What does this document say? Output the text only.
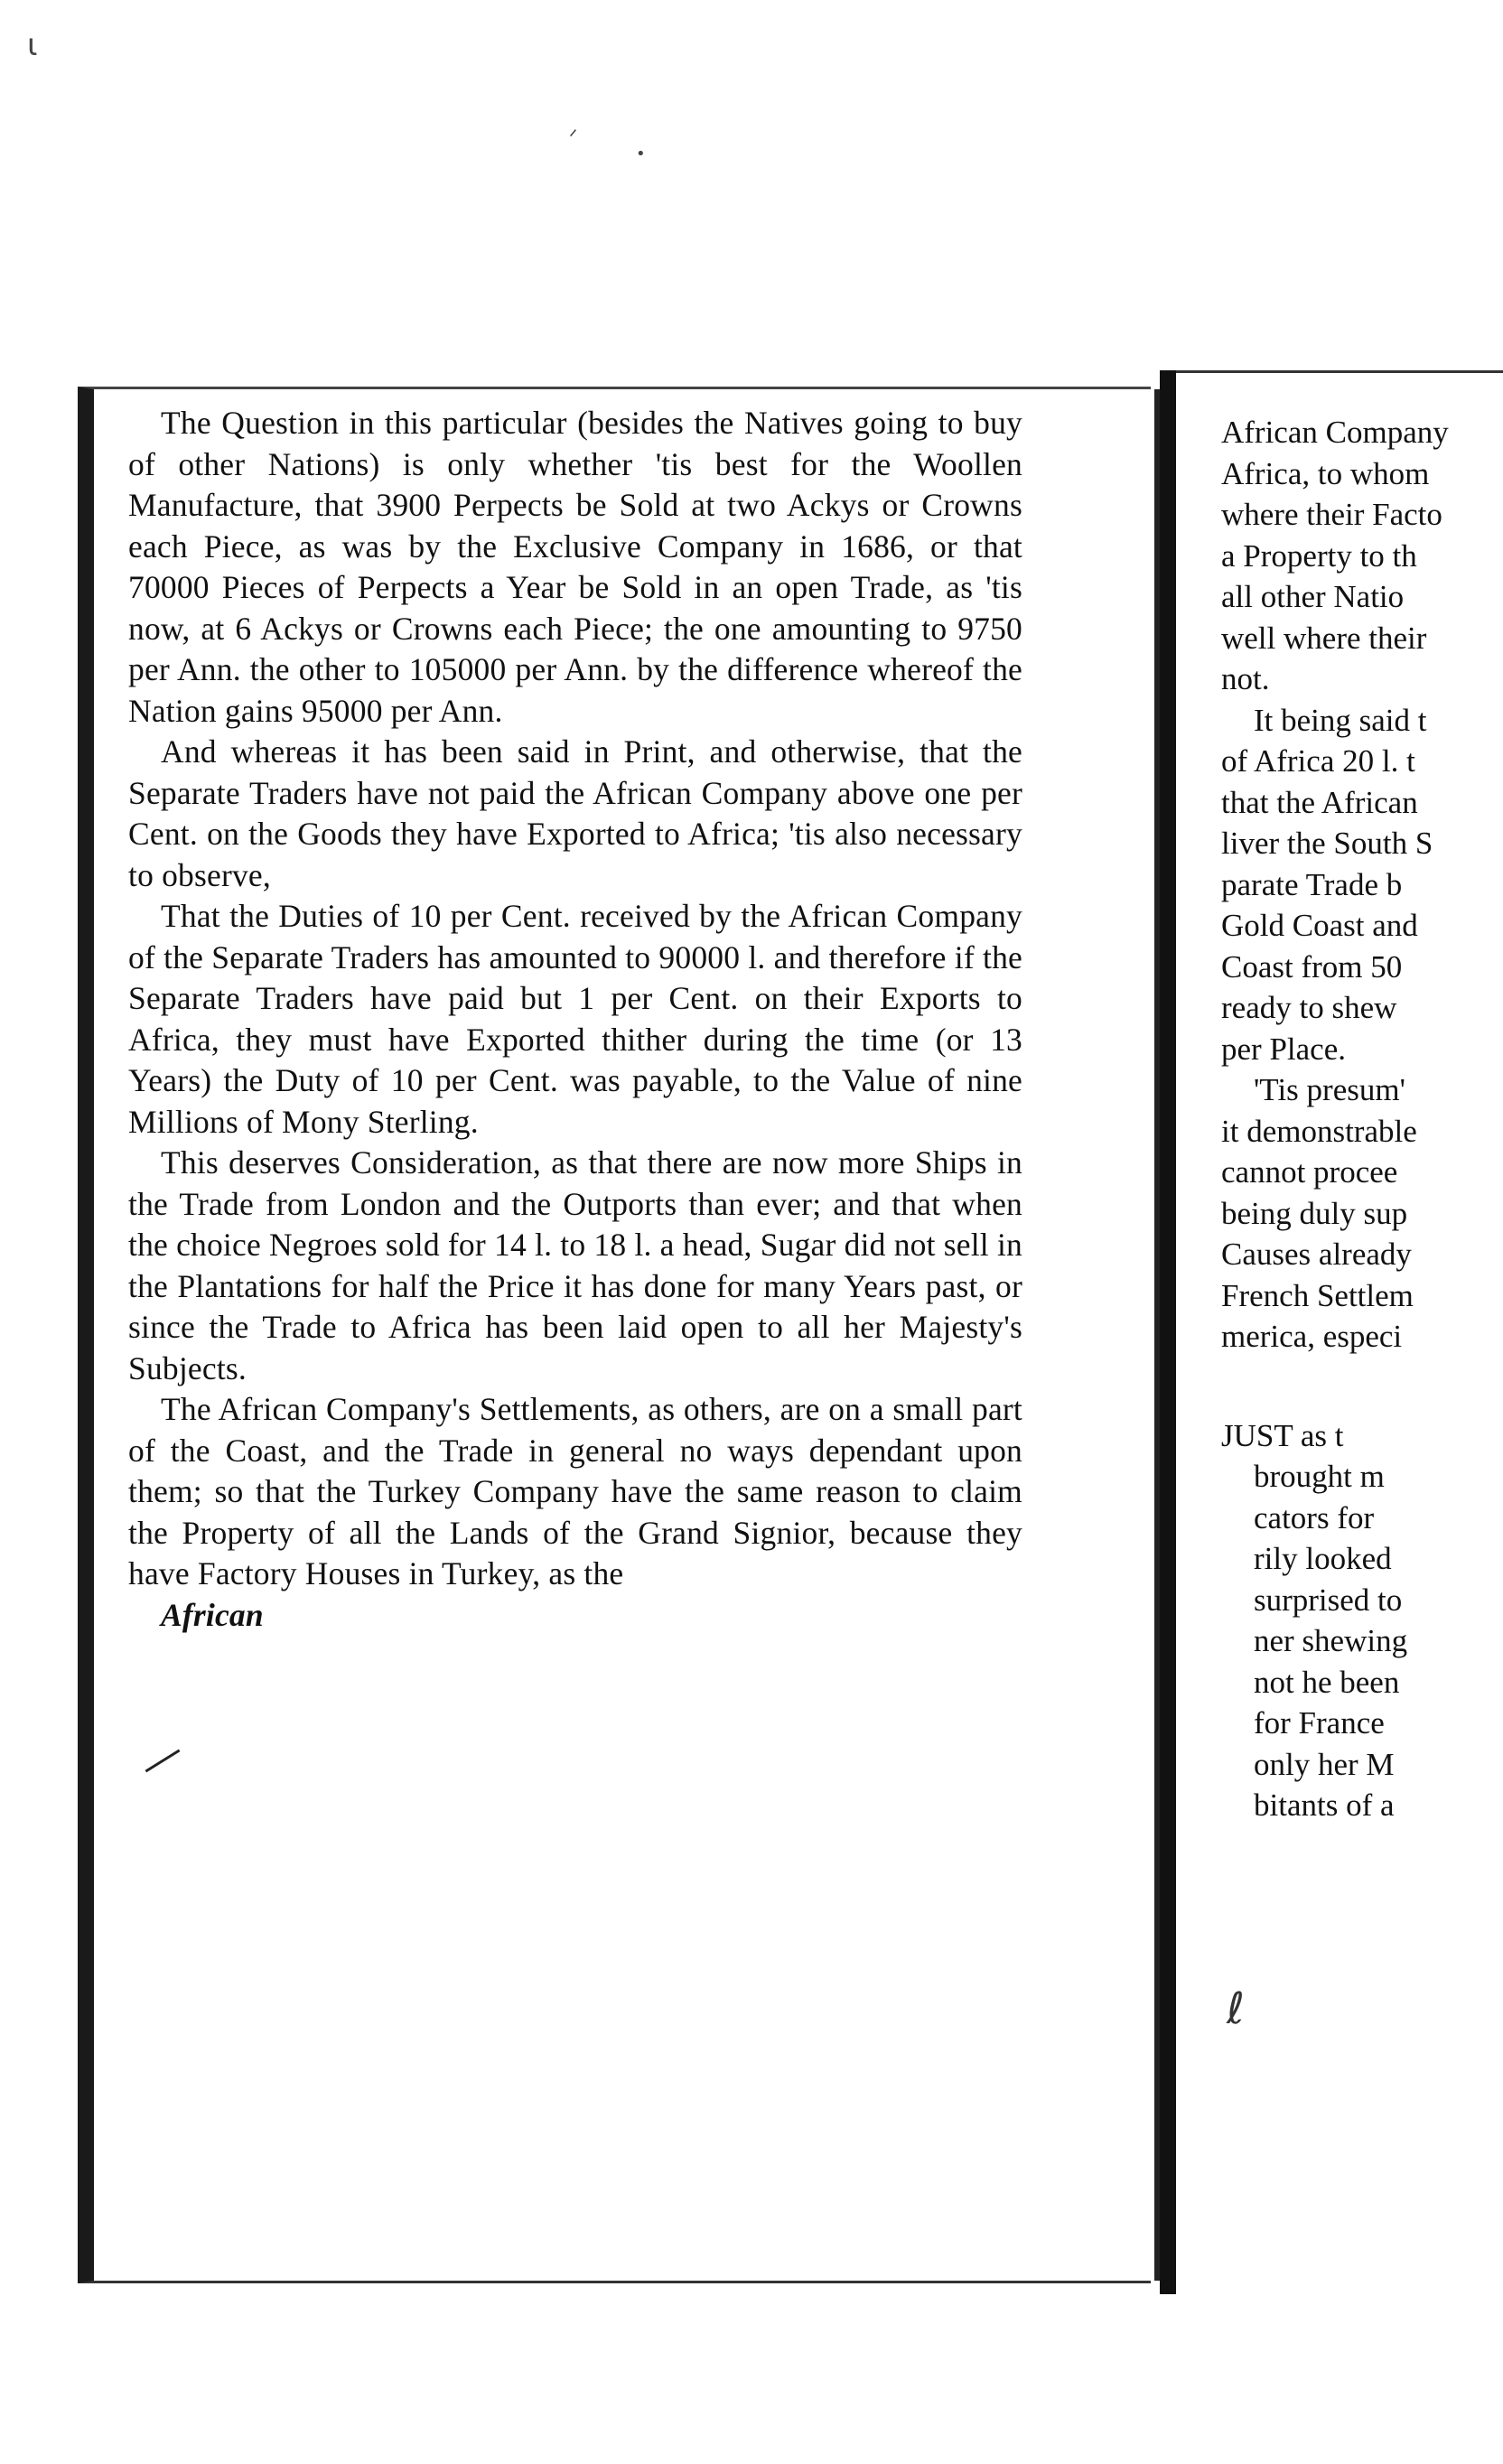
ι
ᐟ
•

The Question in this particular (besides the Natives going to buy of other Nations) is only whether 'tis best for the Woollen Manufacture, that 3900 Perpects be Sold at two Ackys or Crowns each Piece, as was by the Exclusive Company in 1686, or that 70000 Pieces of Perpects a Year be Sold in an open Trade, as 'tis now, at 6 Ackys or Crowns each Piece; the one amounting to 9750 per Ann. the other to 105000 per Ann. by the difference whereof the Nation gains 95000 per Ann.

And whereas it has been said in Print, and otherwise, that the Separate Traders have not paid the African Company above one per Cent. on the Goods they have Exported to Africa; 'tis also necessary to observe,

That the Duties of 10 per Cent. received by the African Company of the Separate Traders has amounted to 90000 l. and therefore if the Separate Traders have paid but 1 per Cent. on their Exports to Africa, they must have Exported thither during the time (or 13 Years) the Duty of 10 per Cent. was payable, to the Value of nine Millions of Mony Sterling.

This deserves Consideration, as that there are now more Ships in the Trade from London and the Outports than ever; and that when the choice Negroes sold for 14 l. to 18 l. a head, Sugar did not sell in the Plantations for half the Price it has done for many Years past, or since the Trade to Africa has been laid open to all her Majesty's Subjects.

The African Company's Settlements, as others, are on a small part of the Coast, and the Trade in general no ways dependant upon them; so that the Turkey Company have the same reason to claim the Property of all the Lands of the Grand Signior, because they have Factory Houses in Turkey, as the

African

African Company
Africa, to whom
where their Facto
a Property to th
all other Natio
well where their
not.
It being said t
of Africa 20 l. t
that the African
liver the South S
parate Trade b
Gold Coast and
Coast from 50
ready to shew
per Place.
'Tis presum'
it demonstrable
cannot procee
being duly sup
Causes already
French Settlem
merica, especi
JUST as t
brought m
cators for
rily looked
surprised to
ner shewing
not he been
for France
only her M
bitants of a
ℓ
